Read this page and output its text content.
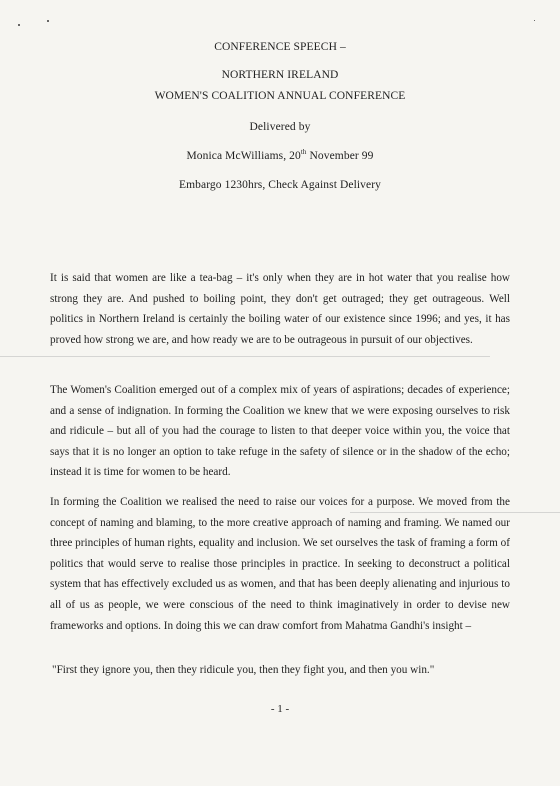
CONFERENCE SPEECH –
NORTHERN IRELAND
WOMEN'S COALITION ANNUAL CONFERENCE
Delivered by
Monica McWilliams, 20th November 99
Embargo 1230hrs, Check Against Delivery

It is said that women are like a tea-bag – it's only when they are in hot water that you realise how strong they are. And pushed to boiling point, they don't get outraged; they get outrageous. Well politics in Northern Ireland is certainly the boiling water of our existence since 1996; and yes, it has proved how strong we are, and how ready we are to be outrageous in pursuit of our objectives.

The Women's Coalition emerged out of a complex mix of years of aspirations; decades of experience; and a sense of indignation. In forming the Coalition we knew that we were exposing ourselves to risk and ridicule – but all of you had the courage to listen to that deeper voice within you, the voice that says that it is no longer an option to take refuge in the safety of silence or in the shadow of the echo; instead it is time for women to be heard.

In forming the Coalition we realised the need to raise our voices for a purpose. We moved from the concept of naming and blaming, to the more creative approach of naming and framing. We named our three principles of human rights, equality and inclusion. We set ourselves the task of framing a form of politics that would serve to realise those principles in practice. In seeking to deconstruct a political system that has effectively excluded us as women, and that has been deeply alienating and injurious to all of us as people, we were conscious of the need to think imaginatively in order to devise new frameworks and options. In doing this we can draw comfort from Mahatma Gandhi's insight –

"First they ignore you, then they ridicule you, then they fight you, and then you win."

- 1 -
